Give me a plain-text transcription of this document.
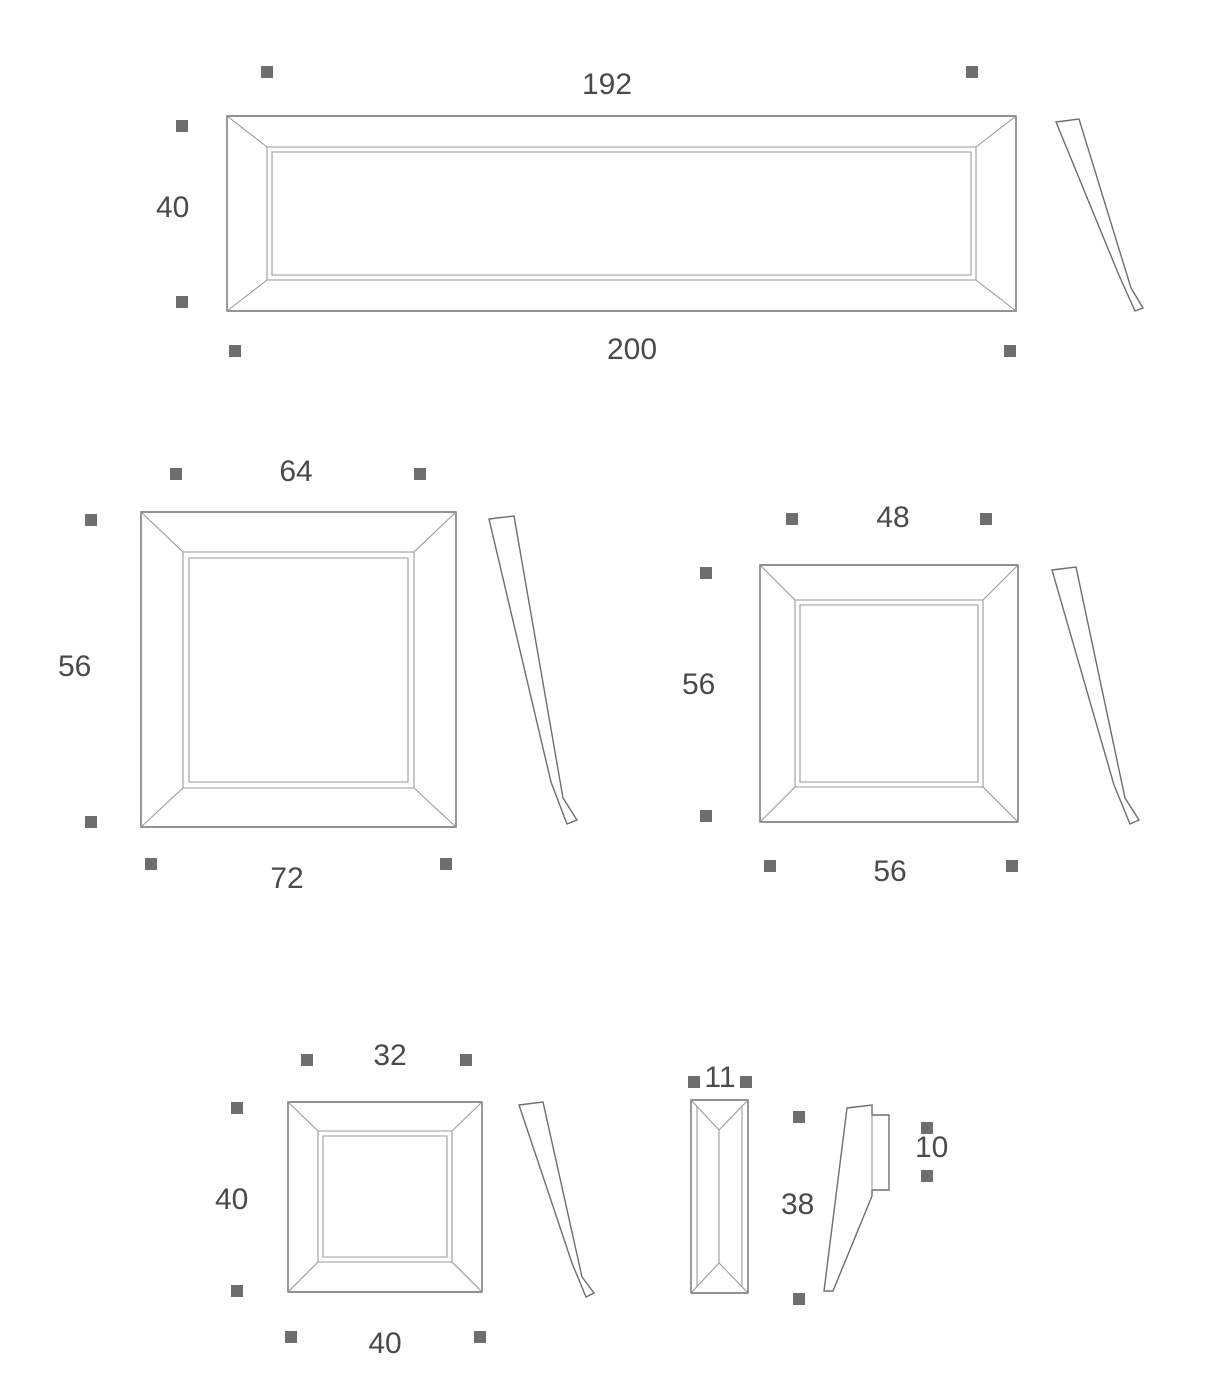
192
40
200
64
56
72
48
56
56
32
40
40
11
38
10
